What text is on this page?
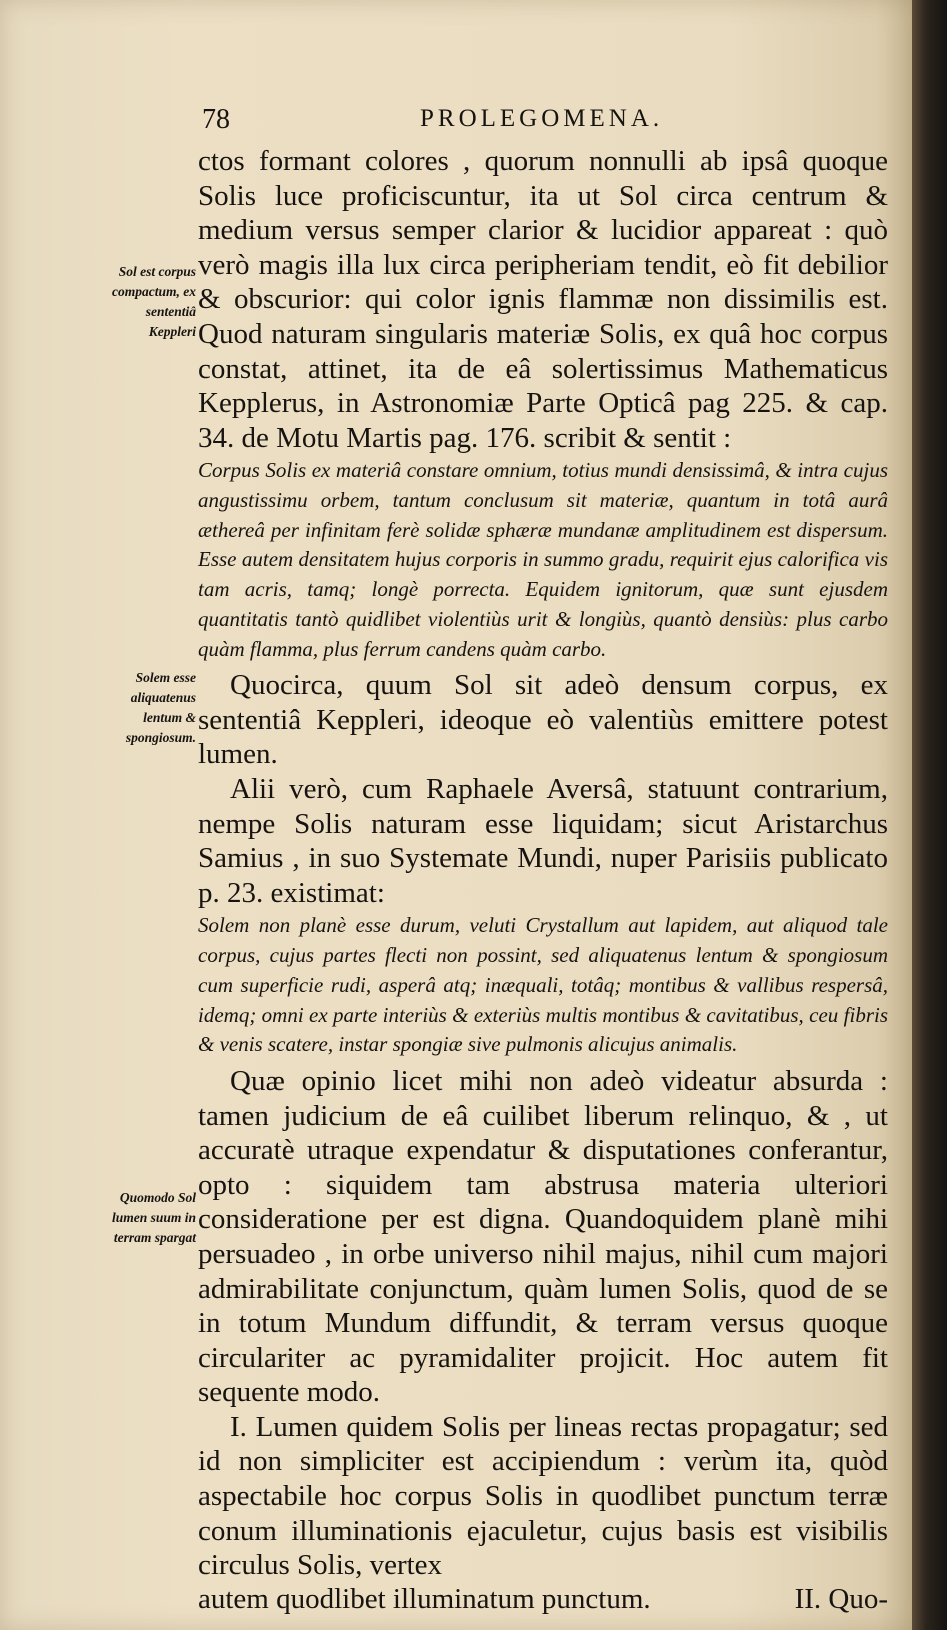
78	PROLEGOMENA.
Sol est corpus compactum, ex sententiâ Keppleri
Solem esse aliquatenus lentum & spongiosum.
Quomodo Sol lumen suum in terram spargat

ctos formant colores , quorum nonnulli ab ipsâ quoque Solis luce proficiscuntur, ita ut Sol circa centrum & medium versus semper clarior & lucidior appareat : quò verò magis illa lux circa peripheriam tendit, eò fit debilior & obscurior: qui color ignis flammæ non dissimilis est. Quod naturam singularis materiæ Solis, ex quâ hoc corpus constat, attinet, ita de eâ solertissimus Mathematicus Kepplerus, in Astronomiæ Parte Opticâ pag 225. & cap. 34. de Motu Martis pag. 176. scribit & sentit :

Corpus Solis ex materiâ constare omnium, totius mundi densissimâ, & intra cujus angustissimu orbem, tantum conclusum sit materiæ, quantum in totâ aurâ æthereâ per infinitam ferè solidæ sphæræ mundanæ amplitudinem est dispersum. Esse autem densitatem hujus corporis in summo gradu, requirit ejus calorifica vis tam acris, tamq; longè porrecta. Equidem ignitorum, quæ sunt ejusdem quantitatis tantò quidlibet violentiùs urit & longiùs, quantò densiùs: plus carbo quàm flamma, plus ferrum candens quàm carbo.

Quocirca, quum Sol sit adeò densum corpus, ex sententiâ Keppleri, ideoque eò valentiùs emittere potest lumen.

Alii verò, cum Raphaele Aversâ, statuunt contrarium, nempe Solis naturam esse liquidam; sicut Aristarchus Samius , in suo Systemate Mundi, nuper Parisiis publicato p. 23. existimat:

Solem non planè esse durum, veluti Crystallum aut lapidem, aut aliquod tale corpus, cujus partes flecti non possint, sed aliquatenus lentum & spongiosum cum superficie rudi, asperâ atq; inæquali, totâq; montibus & vallibus respersâ, idemq; omni ex parte interiùs & exteriùs multis montibus & cavitatibus, ceu fibris & venis scatere, instar spongiæ sive pulmonis alicujus animalis.

Quæ opinio licet mihi non adeò videatur absurda : tamen judicium de eâ cuilibet liberum relinquo, & , ut accuratè utraque expendatur & disputationes conferantur, opto : siquidem tam abstrusa materia ulteriori consideratione per est digna. Quandoquidem planè mihi persuadeo , in orbe universo nihil majus, nihil cum majori admirabilitate conjunctum, quàm lumen Solis, quod de se in totum Mundum diffundit, & terram versus quoque circulariter ac pyramidaliter projicit. Hoc autem fit sequente modo.

I. Lumen quidem Solis per lineas rectas propagatur; sed id non simpliciter est accipiendum : verùm ita, quòd aspectabile hoc corpus Solis in quodlibet punctum terræ conum illuminationis ejaculetur, cujus basis est visibilis circulus Solis, vertex

autem quodlibet illuminatum punctum.	II. Quo-
